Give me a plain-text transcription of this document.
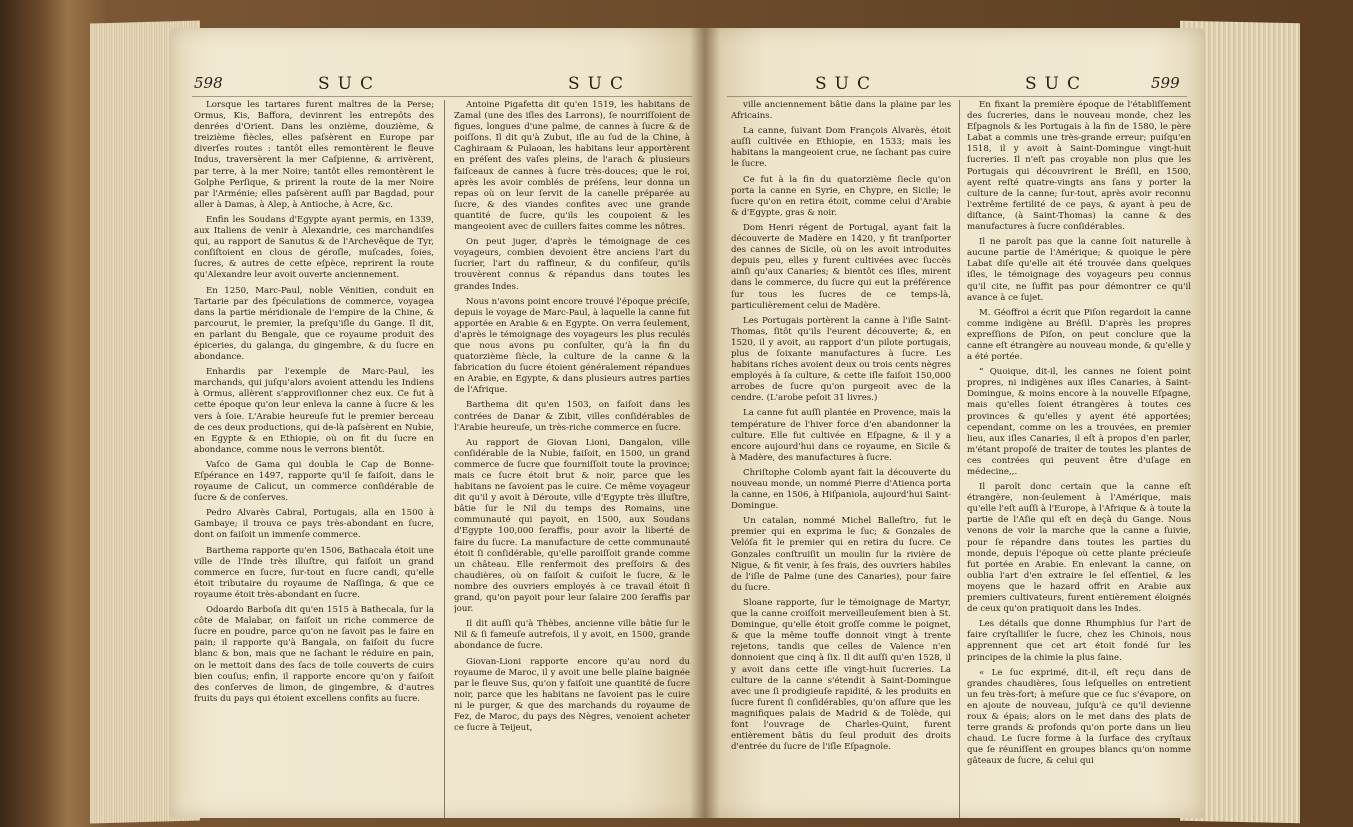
598	SUC	SUC

Lorsque les tartares furent maîtres de la Perse; Ormus, Kis, Baffora, devinrent les entrepôts des denrées d'Orient. Dans les onzième, douzième, & treizième fiècles, elles paſsèrent en Europe par diverſes routes : tantôt elles remontèrent le fleuve Indus, traversèrent la mer Caſpienne, & arrivèrent, par terre, à la mer Noire; tantôt elles remontèrent le Golphe Perſique, & prirent la route de la mer Noire par l'Arménie; elles paſsèrent auſſi par Bagdad, pour aller à Damas, à Alep, à Antioche, à Acre, &c.

Enfin les Soudans d'Egypte ayant permis, en 1339, aux Italiens de venir à Alexandrie, ces marchandiſes qui, au rapport de Sanutus & de l'Archevêque de Tyr, conſiſtoient en clous de géroſle, muſcades, ſoies, ſucres, & autres de cette eſpèce, reprirent la route qu'Alexandre leur avoit ouverte anciennement.

En 1250, Marc-Paul, noble Vénitien, conduit en Tartarie par des ſpéculations de commerce, voyagea dans la partie méridionale de l'empire de la Chine, & parcourut, le premier, la preſqu'iſle du Gange. Il dit, en parlant du Bengale, que ce royaume produit des épiceries, du galanga, du gingembre, & du ſucre en abondance.

Enhardis par l'exemple de Marc-Paul, les marchands, qui juſqu'alors avoient attendu les Indiens à Ormus, allèrent s'approviſionner chez eux. Ce fut à cette époque qu'on leur enleva la canne à ſucre & les vers à ſoie. L'Arabie heureuſe fut le premier berceau de ces deux productions, qui de-là paſsèrent en Nubie, en Egypte & en Ethiopie, où on fit du ſucre en abondance, comme nous le verrons bientôt.

Vaſco de Gama qui doubla le Cap de Bonne-Eſpérance en 1497, rapporte qu'il ſe faiſoit, dans le royaume de Calicut, un commerce conſidérable de ſucre & de conſerves.

Pedro Alvarès Cabral, Portugais, alla en 1500 à Gambaye; il trouva ce pays très-abondant en ſucre, dont on faiſoit un immenſe commerce.

Barthema rapporte qu'en 1506, Bathacala étoit une ville de l'Inde très illuſtre, qui faiſoit un grand commerce en ſucre, ſur-tout en ſucre candi, qu'elle étoit tributaire du royaume de Naſſinga, & que ce royaume étoit très-abondant en ſucre.

Odoardo Barboſa dit qu'en 1515 à Bathecala, ſur la côte de Malabar, on faiſoit un riche commerce de ſucre en poudre, parce qu'on ne ſavoit pas le faire en pain; il rapporte qu'à Bangala, on faiſoit du ſucre blanc & bon, mais que ne ſachant le réduire en pain, on le mettoit dans des ſacs de toile couverts de cuirs bien couſus; enfin, il rapporte encore qu'on y faiſoit des conſerves de limon, de gingembre, & d'autres fruits du pays qui étoient excellens confits au ſucre.

Antoine Pigafetta dit qu'en 1519, les habitans de Zamal (une des iſles des Larrons), ſe nourriſſoient de figues, longues d'une palme, de cannes à ſucre & de poiſſons. Il dit qu'à Zubut, iſle au ſud de la Chine, à Caghiraam & Pulaoan, les habitans leur apportèrent en préſent des vaſes pleins, de l'arach & plusieurs faiſceaux de cannes à ſucre très-douces; que le roi, après les avoir comblés de préſens, leur donna un repas où on leur ſervit de la canelle préparée au ſucre, & des viandes confites avec une grande quantité de ſucre, qu'ils les coupoient & les mangeoient avec de cuillers faites comme les nôtres.

On peut juger, d'après le témoignage de ces voyageurs, combien devoient être anciens l'art du ſucrier, l'art du raffineur, & du confiſeur, qu'ils trouvèrent connus & répandus dans toutes les grandes Indes.

Nous n'avons point encore trouvé l'époque préciſe, depuis le voyage de Marc-Paul, à laquelle la canne fut apportée en Arabie & en Egypte. On verra ſeulement, d'après le témoignage des voyageurs les plus reculés que nous avons pu conſulter, qu'à la fin du quatorzième ſiècle, la culture de la canne & la fabrication du ſucre étoient généralement répandues en Arabie, en Egypte, & dans plusieurs autres parties de l'Afrique.

Barthema dit qu'en 1503, on faiſoit dans les contrées de Danar & Zibit, villes conſidérables de l'Arabie heureuſe, un très-riche commerce en ſucre.

Au rapport de Giovan Lioni, Dangalon, ville conſidérable de la Nubie, faiſoit, en 1500, un grand commerce de ſucre que fourniſſoit toute la province; mais ce ſucre étoit brut & noir, parce que les habitans ne ſavoient pas le cuire. Ce même voyageur dit qu'il y avoit à Déroute, ville d'Egypte très illuſtre, bâtie ſur le Nil du temps des Romains, une communauté qui payoit, en 1500, aux Soudans d'Egypte 100,000 ſeraffis, pour avoir la liberté de faire du ſucre. La manufacture de cette communauté étoit ſi conſidérable, qu'elle paroiſſoit grande comme un château. Elle renfermoit des preſſoirs & des chaudières, où on faiſoit & cuiſoit le ſucre, & le nombre des ouvriers employés à ce travail étoit ſi grand, qu'on payoit pour leur ſalaire 200 ſeraffis par jour.

Il dit auſſi qu'à Thèbes, ancienne ville bâtie ſur le Nil & ſi fameuſe autrefois, il y avoit, en 1500, grande abondance de ſucre.

Giovan-Lioni rapporte encore qu'au nord du royaume de Maroc, il y avoit une belle plaine baignée par le fleuve Sus, qu'on y faiſoit une quantité de ſucre noir, parce que les habitans ne ſavoient pas le cuire ni le purger, & que des marchands du royaume de Fez, de Maroc, du pays des Nègres, venoient acheter ce ſucre à Teijeut,

SUC	SUC	599

ville anciennement bâtie dans la plaine par les Africains.

La canne, ſuivant Dom François Alvarès, étoit auſſi cultivée en Ethiopie, en 1533; mais les habitans la mangeoient crue, ne ſachant pas cuire le ſucre.

Ce fut à la fin du quatorzième ſiecle qu'on porta la canne en Syrie, en Chypre, en Sicile; le ſucre qu'on en retira étoit, comme celui d'Arabie & d'Egypte, gras & noir.

Dom Henri régent de Portugal, ayant fait la découverte de Madère en 1420, y fit tranſporter des cannes de Sicile, où on les avoit introduites depuis peu, elles y furent cultivées avec ſuccès ainſi qu'aux Canaries; & bientôt ces iſles, mirent dans le commerce, du ſucre qui eut la préférence ſur tous les ſucres de ce temps-là, particulièrement celui de Madère.

Les Portugais portèrent la canne à l'iſle Saint-Thomas, ſitôt qu'ils l'eurent découverte; &, en 1520, il y avoit, au rapport d'un pilote portugais, plus de ſoixante manufactures à ſucre. Les habitans riches avoient deux ou trois cents nègres employés à ſa culture, & cette iſle faiſoit 150,000 arrobes de ſucre qu'on purgeoit avec de la cendre. (L'arobe peſoit 31 livres.)

La canne fut auſſi plantée en Provence, mais la température de l'hiver force d'en abandonner la culture. Elle fut cultivée en Eſpagne, & il y a encore aujourd'hui dans ce royaume, en Sicile & à Madère, des manufactures à ſucre.

Chriſtophe Colomb ayant fait la découverte du nouveau monde, un nommé Pierre d'Atienca porta la canne, en 1506, à Hiſpaniola, aujourd'hui Saint-Domingue.

Un catalan, nommé Michel Balleſtro, fut le premier qui en exprima le ſuc; & Gonzales de Velóſa fit le premier qui en retira du ſucre. Ce Gonzales conſtruiſit un moulin ſur la rivière de Nigue, & fit venir, à ſes frais, des ouvriers habiles de l'iſle de Palme (une des Canaries), pour faire du ſucre.

Sloane rapporte, ſur le témoignage de Martyr, que la canne croiſſoit merveilleuſement bien à St. Domingue, qu'elle étoit groſſe comme le poignet, & que la même touffe donnoit vingt à trente rejetons, tandis que celles de Valence n'en donnoient que cinq à ſix. Il dit auſſi qu'en 1528, il y avoit dans cette iſle vingt-huit ſucreries. La culture de la canne s'étendit à Saint-Domingue avec une ſi prodigieuſe rapidité, & les produits en ſucre furent ſi conſidérables, qu'on aſſure que les magnifiques palais de Madrid & de Tolède, qui font l'ouvrage de Charles-Quint, furent entièrement bâtis du ſeul produit des droits d'entrée du ſucre de l'iſle Eſpagnole.

En fixant la première époque de l'établiſſement des ſucreries, dans le nouveau monde, chez les Eſpagnols & les Portugais à la fin de 1580, le père Labat a commis une très-grande erreur; puiſqu'en 1518, il y avoit à Saint-Domingue vingt-huit ſucreries. Il n'eſt pas croyable non plus que les Portugais qui découvrirent le Bréſil, en 1500, ayent reſté quatre-vingts ans ſans y porter la culture de la canne; ſur-tout, après avoir reconnu l'extrême fertilité de ce pays, & ayant à peu de diſtance, (à Saint-Thomas) la canne & des manufactures à ſucre conſidérables.

Il ne paroît pas que la canne ſoit naturelle à aucune partie de l'Amérique; & quoique le père Labat diſe qu'elle ait été trouvée dans quelques iſles, le témoignage des voyageurs peu connus qu'il cite, ne ſuffit pas pour démontrer ce qu'il avance à ce ſujet.

M. Géoffroi a écrit que Piſon regardoit la canne comme indigène au Bréſil. D'après les propres expreſſions de Piſon, on peut conclure que la canne eſt étrangère au nouveau monde, & qu'elle y a été portée.

“ Quoique, dit-il, les cannes ne ſoient point propres, ni indigènes aux iſles Canaries, à Saint-Domingue, & moins encore à la nouvelle Eſpagne, mais qu'elles ſoient étrangères à toutes ces provinces & qu'elles y ayent été apportées; cependant, comme on les a trouvées, en premier lieu, aux iſles Canaries, il eſt à propos d'en parler, m'étant propoſé de traiter de toutes les plantes de ces contrées qui peuvent être d'uſage en médecine,,.

Il paroît donc certain que la canne eſt étrangère, non-ſeulement à l'Amérique, mais qu'elle l'eſt auſſi à l'Europe, à l'Afrique & à toute la partie de l'Aſie qui eſt en deçà du Gange. Nous venons de voir la marche que la canne a ſuivie, pour ſe répandre dans toutes les parties du monde, depuis l'époque où cette plante précieuſe fut portée en Arabie. En enlevant la canne, on oublia l'art d'en extraire le ſel eſſentiel, & les moyens que le hazard offrit en Arabie aux premiers cultivateurs, furent entièrement éloignés de ceux qu'on pratiquoit dans les Indes.

Les détails que donne Rhumphius ſur l'art de faire cryſtalliſer le ſucre, chez les Chinois, nous apprennent que cet art étoit fondé ſur les principes de la chimie la plus ſaine.

« Le ſuc exprimé, dit-il, eſt reçu dans de grandes chaudières, ſous leſquelles on entretient un feu très-fort; à meſure que ce ſuc s'évapore, on en ajoute de nouveau, juſqu'à ce qu'il devienne roux & épais; alors on le met dans des plats de terre grands & profonds qu'on porte dans un lieu chaud. Le ſucre forme à la ſurface des cryſtaux que ſe réuniſſent en groupes blancs qu'on nomme gâteaux de ſucre, & celui qui
